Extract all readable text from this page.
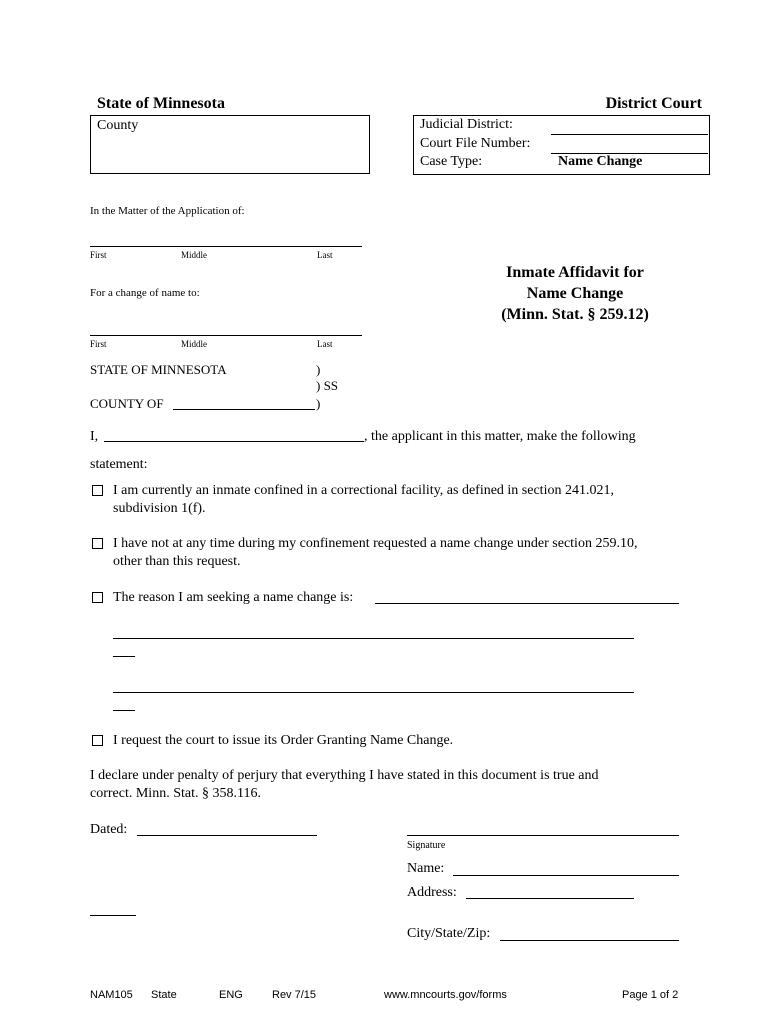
State of Minnesota	District Court
County	Judicial District:
Court File Number:
Case Type:	Name Change
In the Matter of the Application of:
First	Middle	Last
For a change of name to:
First	Middle	Last
Inmate Affidavit for
Name Change
(Minn. Stat. § 259.12)
STATE OF MINNESOTA	)
) SS
COUNTY OF	)
I,	, the applicant in this matter, make the following
statement:
I am currently an inmate confined in a correctional facility, as defined in section 241.021,
subdivision 1(f).
I have not at any time during my confinement requested a name change under section 259.10,
other than this request.
The reason I am seeking a name change is:
I request the court to issue its Order Granting Name Change.
I declare under penalty of perjury that everything I have stated in this document is true and
correct. Minn. Stat. § 358.116.
Dated:
Signature
Name:
Address:
City/State/Zip:
NAM105 State	ENG	Rev 7/15	www.mncourts.gov/forms	Page 1 of 2
